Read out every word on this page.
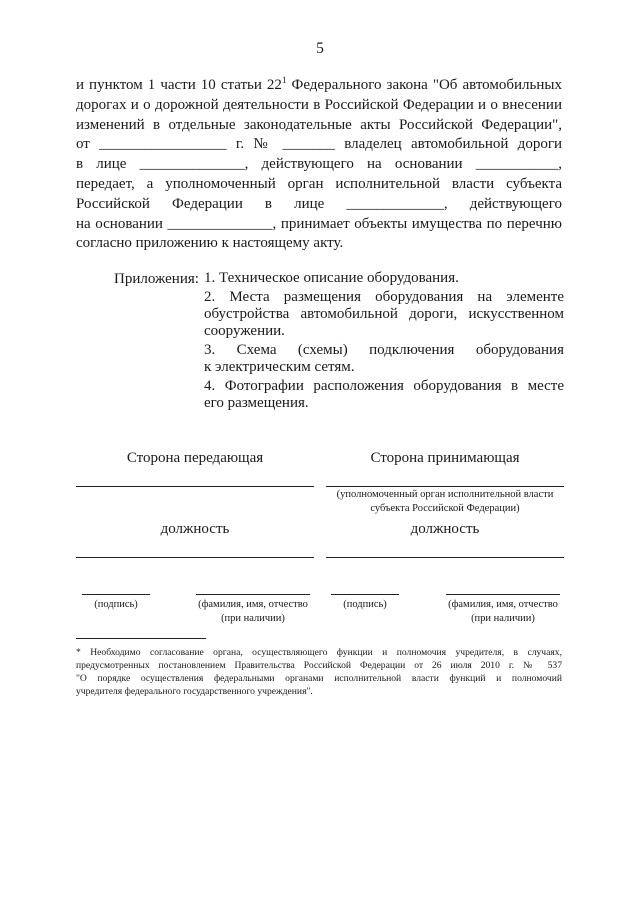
5
и пунктом 1 части 10 статьи $22^1$ Федерального закона "Об автомобильных
дорогах и о дорожной деятельности в Российской Федерации и о внесении
изменений в отдельные законодательные акты Российской Федерации",
от _________________ г. № _______ владелец автомобильной дороги
в лице ______________, действующего на основании ___________,
передает, а уполномоченный орган исполнительной власти субъекта
Российской Федерации в лице _____________, действующего
на основании ______________, принимает объекты имущества по перечню
согласно приложению к настоящему акту.
Приложения: 1. Техническое описание оборудования.
2. Места размещения оборудования на элементе
обустройства автомобильной дороги, искусственном
сооружении.
3. Схема (схемы) подключения оборудования
к электрическим сетям.
4. Фотографии расположения оборудования в месте
его размещения.
Сторона передающая
должность
(подпись)	(фамилия, имя, отчество
(при наличии)
Сторона принимающая
(уполномоченный орган исполнительной власти
субъекта Российской Федерации)
должность
(подпись)	(фамилия, имя, отчество
(при наличии)
* Необходимо согласование органа, осуществляющего функции и полномочия учредителя, в случаях,
предусмотренных постановлением Правительства Российской Федерации от 26 июля 2010 г. № 537
"О порядке осуществления федеральными органами исполнительной власти функций и полномочий
учредителя федерального государственного учреждения".
